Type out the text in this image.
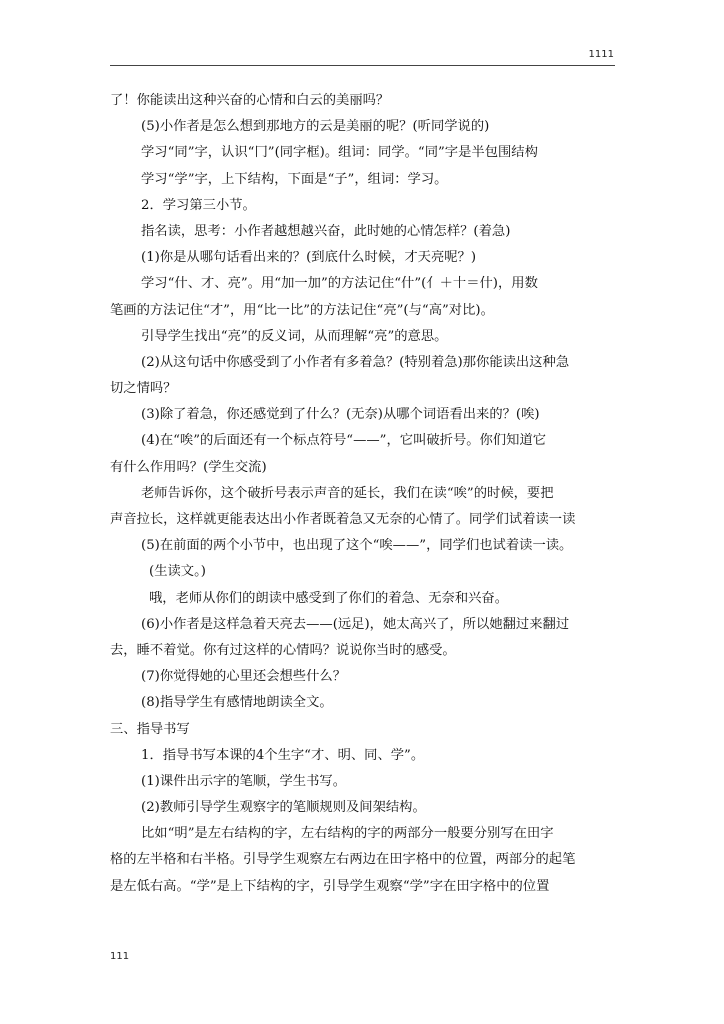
1111
了！你能读出这种兴奋的心情和白云的美丽吗？
(5)小作者是怎么想到那地方的云是美丽的呢？(听同学说的)
学习“同”字，认识“冂”(同字框)。组词：同学。“同”字是半包围结构
学习“学”字，上下结构，下面是“子”，组词：学习。
2．学习第三小节。
指名读，思考：小作者越想越兴奋，此时她的心情怎样？(着急)
(1)你是从哪句话看出来的？(到底什么时候，才天亮呢？)
学习“什、才、亮”。用“加一加”的方法记住“什”(亻＋十＝什)，用数
笔画的方法记住“才”，用“比一比”的方法记住“亮”(与“高”对比)。
引导学生找出“亮”的反义词，从而理解“亮”的意思。
(2)从这句话中你感受到了小作者有多着急？(特别着急)那你能读出这种急
切之情吗？
(3)除了着急，你还感觉到了什么？(无奈)从哪个词语看出来的？(唉)
(4)在“唉”的后面还有一个标点符号“——”，它叫破折号。你们知道它
有什么作用吗？(学生交流)
老师告诉你，这个破折号表示声音的延长，我们在读“唉”的时候，要把
声音拉长，这样就更能表达出小作者既着急又无奈的心情了。同学们试着读一读
(5)在前面的两个小节中，也出现了这个“唉——”，同学们也试着读一读。
(生读文。)
哦，老师从你们的朗读中感受到了你们的着急、无奈和兴奋。
(6)小作者是这样急着天亮去——(远足)，她太高兴了，所以她翻过来翻过
去，睡不着觉。你有过这样的心情吗？说说你当时的感受。
(7)你觉得她的心里还会想些什么？
(8)指导学生有感情地朗读全文。
三、指导书写
1．指导书写本课的4个生字“才、明、同、学”。
(1)课件出示字的笔顺，学生书写。
(2)教师引导学生观察字的笔顺规则及间架结构。
比如“明”是左右结构的字，左右结构的字的两部分一般要分别写在田字
格的左半格和右半格。引导学生观察左右两边在田字格中的位置，两部分的起笔
是左低右高。“学”是上下结构的字，引导学生观察“学”字在田字格中的位置
111
